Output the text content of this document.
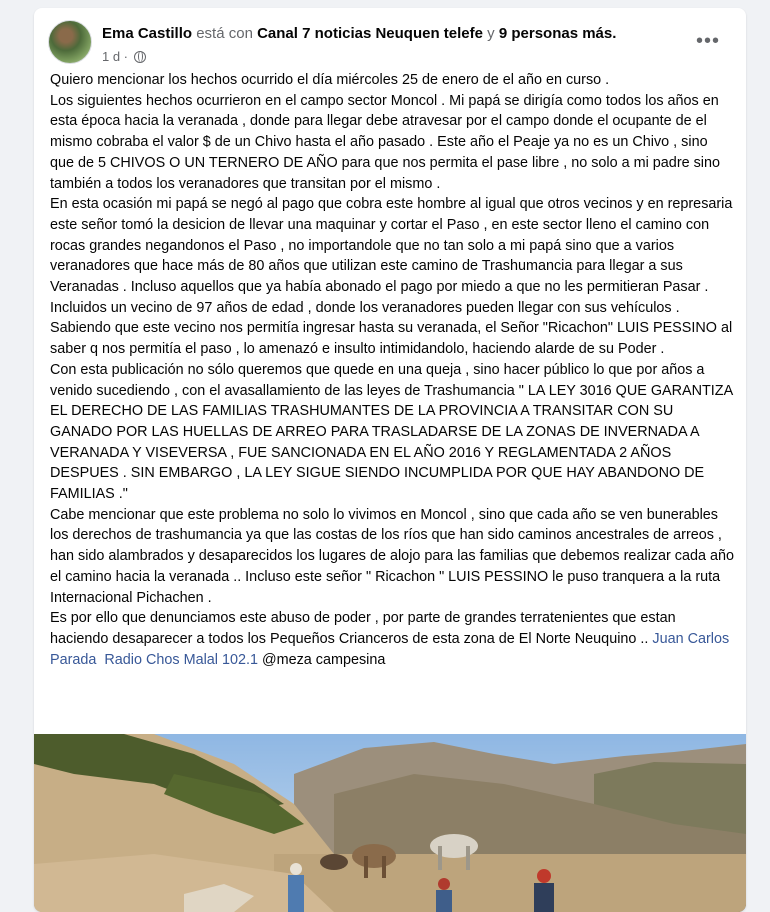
Ema Castillo está con Canal 7 noticias Neuquen telefe y 9 personas más.
1 d ·
•••

Quiero mencionar los hechos ocurrido el día miércoles 25 de enero de el año en curso .

Los siguientes hechos ocurrieron en el campo sector Moncol . Mi papá se dirigía como todos los años en esta época hacia la veranada , donde para llegar debe atravesar por el campo donde el ocupante de el mismo cobraba el valor $ de un Chivo hasta el año pasado . Este año el Peaje ya no es un Chivo , sino que de 5 CHIVOS O UN TERNERO DE AÑO para que nos permita el pase libre , no solo a mi padre sino también a todos los veranadores que transitan por el mismo .

En esta ocasión mi papá se negó al pago que cobra este hombre al igual que otros vecinos y en represaria este señor tomó la desicion de llevar una maquinar y cortar el Paso , en este sector lleno el camino con rocas grandes negandonos el Paso , no importandole que no tan solo a mi papá sino que a varios veranadores que hace más de 80 años que utilizan este camino de Trashumancia para llegar a sus Veranadas . Incluso aquellos que ya había abonado el pago por miedo a que no les permitieran Pasar . Incluidos un vecino de 97 años de edad , donde los veranadores pueden llegar con sus vehículos .

Sabiendo que este vecino nos permitía ingresar hasta su veranada, el Señor "Ricachon" LUIS PESSINO al saber q nos permitía el paso , lo amenazó e insulto intimidandolo, haciendo alarde de su Poder .

Con esta publicación no sólo queremos que quede en una queja , sino hacer público lo que por años a venido sucediendo , con el avasallamiento de las leyes de Trashumancia " LA LEY 3016 QUE GARANTIZA EL DERECHO DE LAS FAMILIAS TRASHUMANTES DE LA PROVINCIA A TRANSITAR CON SU GANADO POR LAS HUELLAS DE ARREO PARA TRASLADARSE DE LA ZONAS DE INVERNADA A VERANADA Y VISEVERSA , FUE SANCIONADA EN EL AÑO 2016 Y REGLAMENTADA 2 AÑOS DESPUES . SIN EMBARGO , LA LEY SIGUE SIENDO INCUMPLIDA POR QUE HAY ABANDONO DE FAMILIAS ."

Cabe mencionar que este problema no solo lo vivimos en Moncol , sino que cada año se ven bunerables los derechos de trashumancia ya que las costas de los ríos que han sido caminos ancestrales de arreos , han sido alambrados y desaparecidos los lugares de alojo para las familias que debemos realizar cada año el camino hacia la veranada .. Incluso este señor " Ricachon " LUIS PESSINO le puso tranquera a la ruta Internacional Pichachen .

Es por ello que denunciamos este abuso de poder , por parte de grandes terratenientes que estan haciendo desaparecer a todos los Pequeños Crianceros de esta zona de El Norte Neuquino .. Juan Carlos Parada Radio Chos Malal 102.1 @meza campesina
